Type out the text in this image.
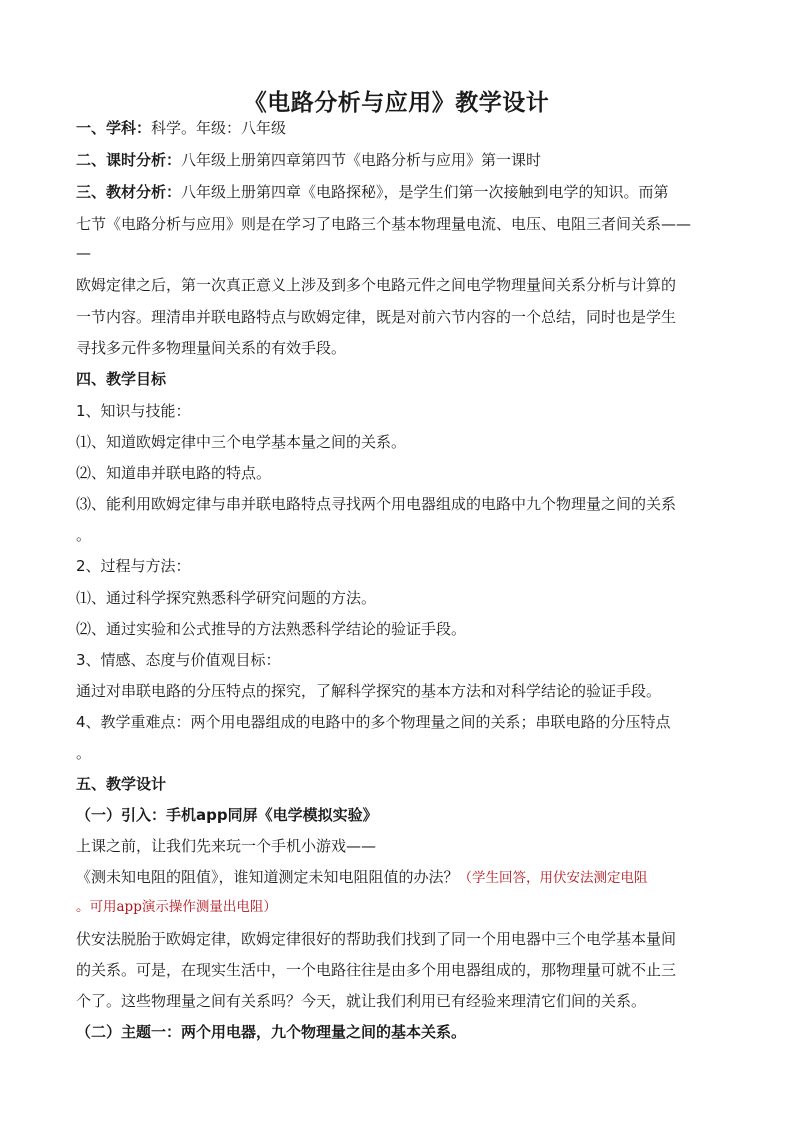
《电路分析与应用》教学设计
一、学科：科学。年级：八年级
二、课时分析：八年级上册第四章第四节《电路分析与应用》第一课时
三、教材分析：八年级上册第四章《电路探秘》，是学生们第一次接触到电学的知识。而第
七节《电路分析与应用》则是在学习了电路三个基本物理量电流、电压、电阻三者间关系——
—
欧姆定律之后，第一次真正意义上涉及到多个电路元件之间电学物理量间关系分析与计算的
一节内容。理清串并联电路特点与欧姆定律，既是对前六节内容的一个总结，同时也是学生
寻找多元件多物理量间关系的有效手段。
四、教学目标
1、知识与技能：
⑴、知道欧姆定律中三个电学基本量之间的关系。
⑵、知道串并联电路的特点。
⑶、能利用欧姆定律与串并联电路特点寻找两个用电器组成的电路中九个物理量之间的关系
。
2、过程与方法：
⑴、通过科学探究熟悉科学研究问题的方法。
⑵、通过实验和公式推导的方法熟悉科学结论的验证手段。
3、情感、态度与价值观目标：
通过对串联电路的分压特点的探究，了解科学探究的基本方法和对科学结论的验证手段。
4、教学重难点：两个用电器组成的电路中的多个物理量之间的关系；串联电路的分压特点
。
五、教学设计
（一）引入：手机app同屏《电学模拟实验》
上课之前，让我们先来玩一个手机小游戏——
《测未知电阻的阻值》，谁知道测定未知电阻阻值的办法？（学生回答，用伏安法测定电阻
。可用app演示操作测量出电阻）
伏安法脱胎于欧姆定律，欧姆定律很好的帮助我们找到了同一个用电器中三个电学基本量间
的关系。可是，在现实生活中，一个电路往往是由多个用电器组成的，那物理量可就不止三
个了。这些物理量之间有关系吗？今天，就让我们利用已有经验来理清它们间的关系。
（二）主题一：两个用电器，九个物理量之间的基本关系。
